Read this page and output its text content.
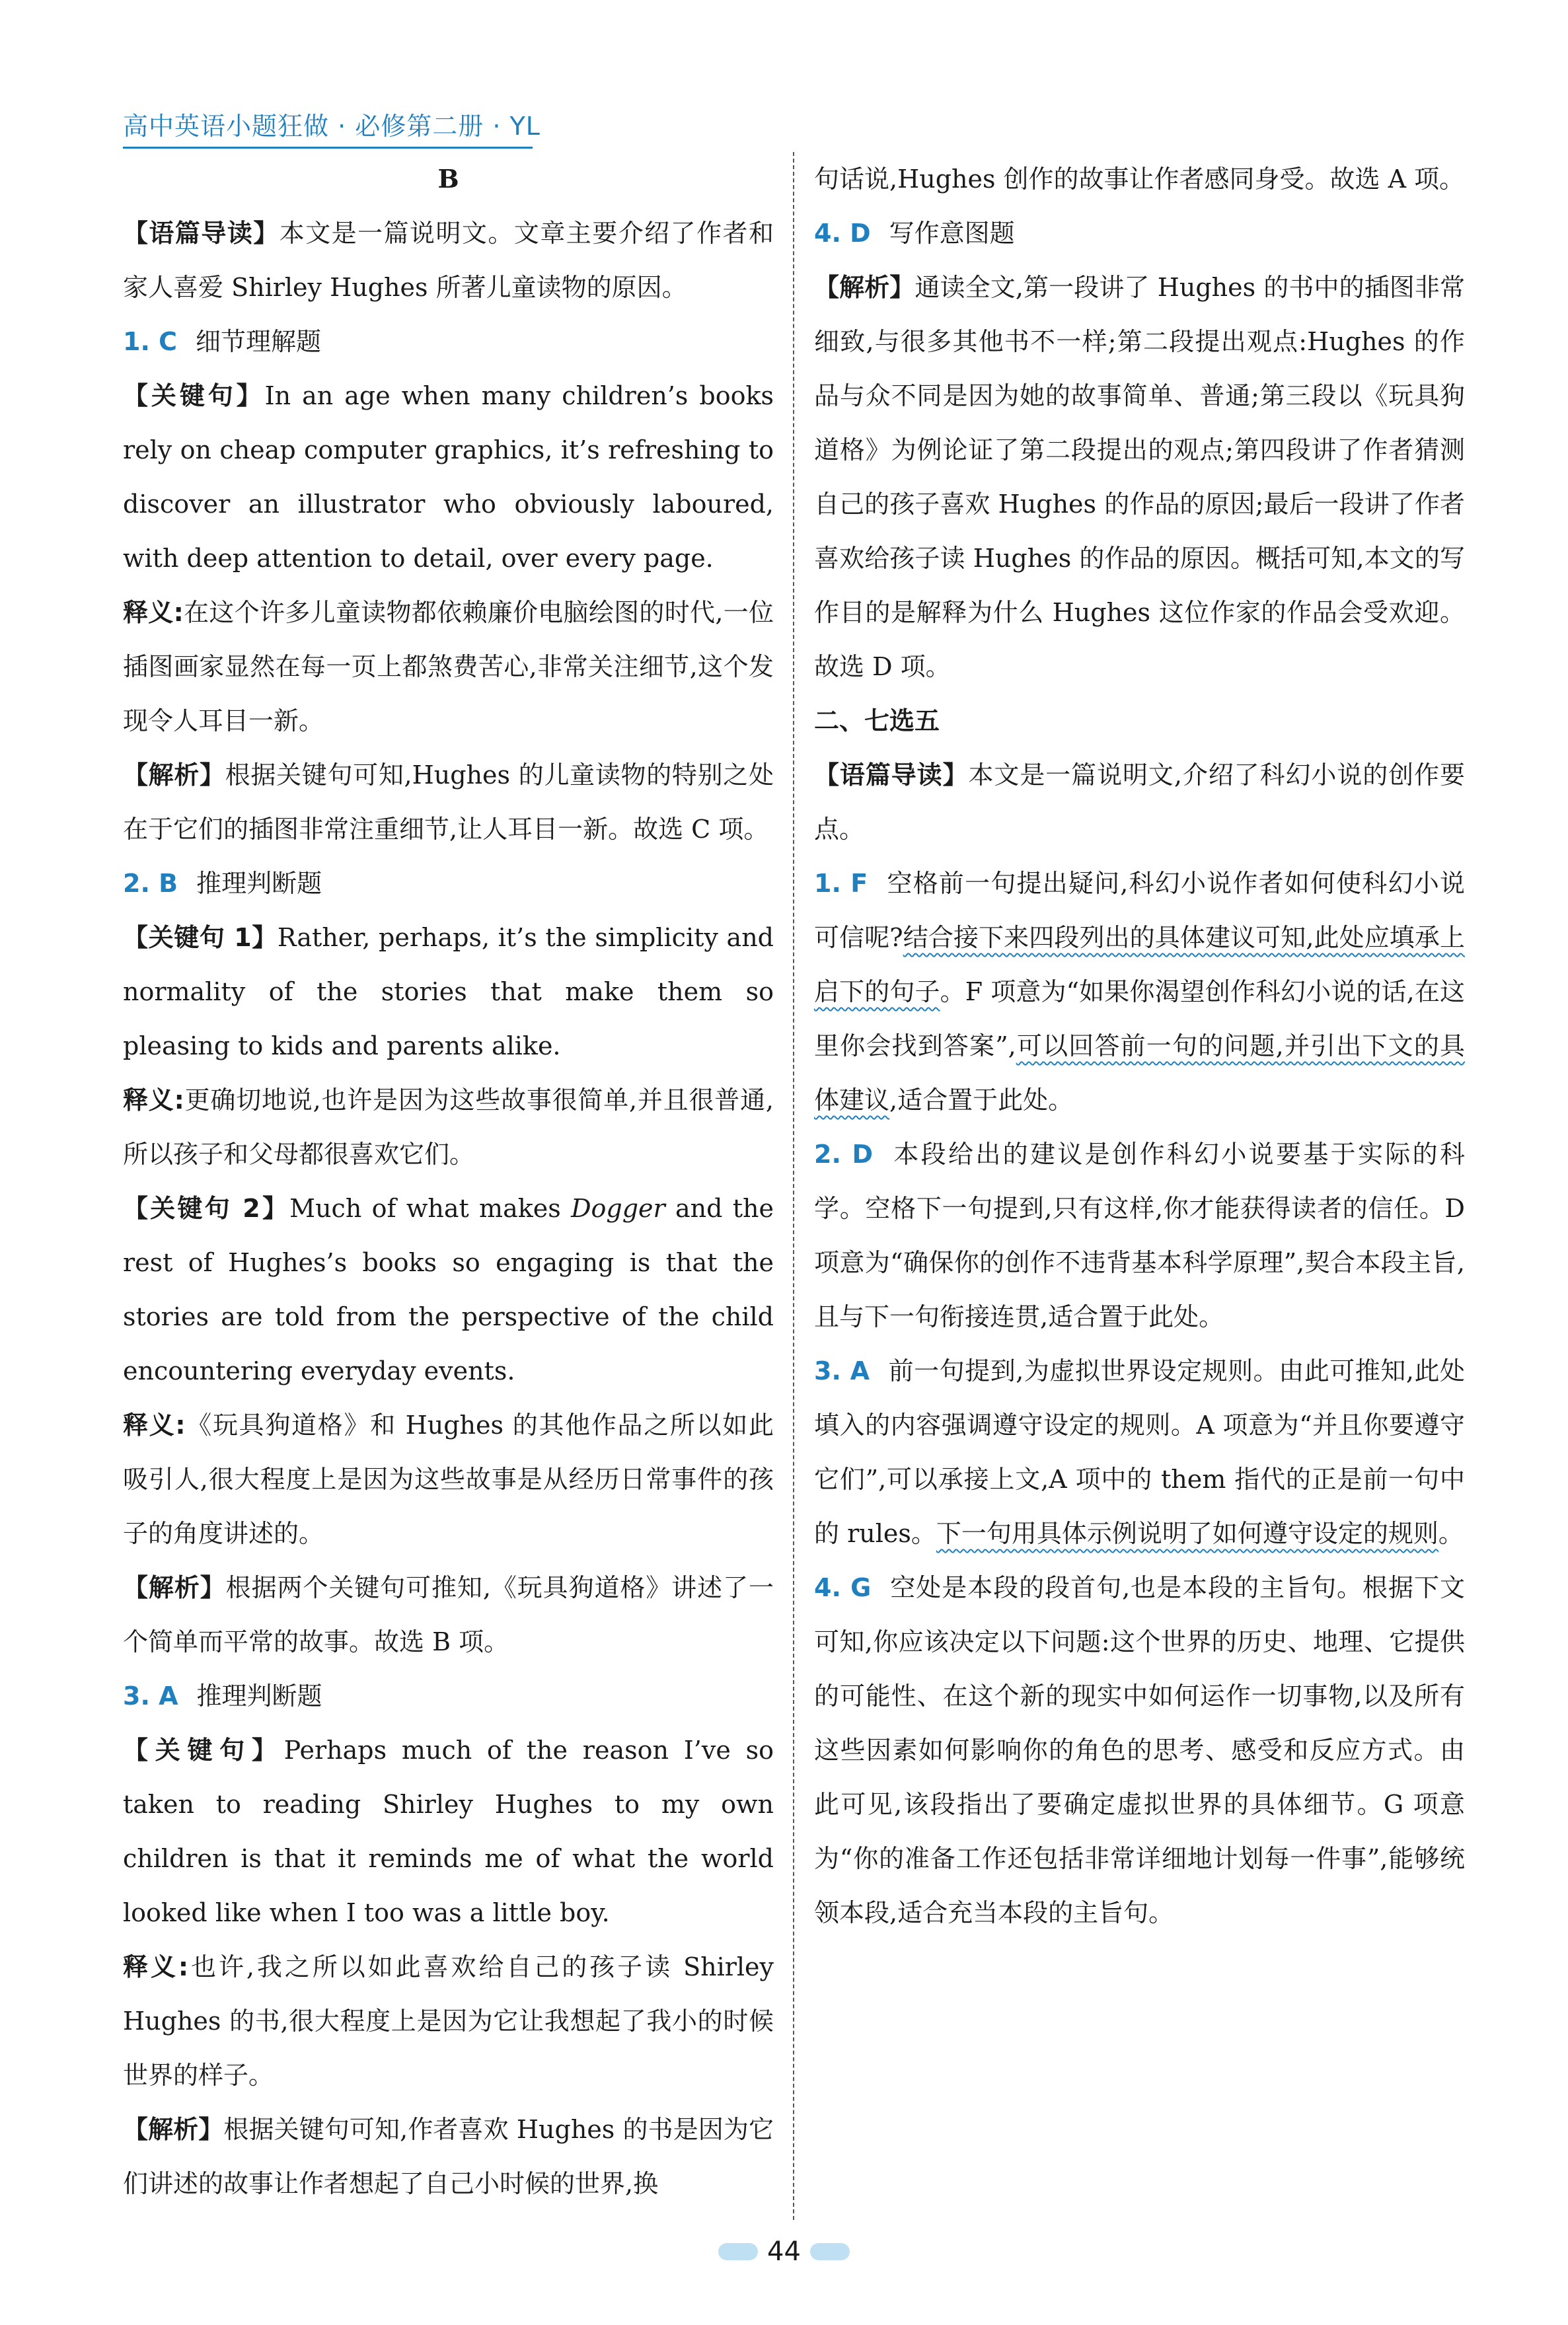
高中英语小题狂做 · 必修第二册 · YL

B

【语篇导读】本文是一篇说明文。文章主要介绍了作者和家人喜爱 Shirley Hughes 所著儿童读物的原因。

1. C 细节理解题

【关键句】In an age when many children’s books rely on cheap computer graphics, it’s refreshing to discover an illustrator who obviously laboured, with deep attention to detail, over every page.

释义:在这个许多儿童读物都依赖廉价电脑绘图的时代,一位插图画家显然在每一页上都煞费苦心,非常关注细节,这个发现令人耳目一新。

【解析】根据关键句可知,Hughes 的儿童读物的特别之处在于它们的插图非常注重细节,让人耳目一新。故选 C 项。

2. B 推理判断题

【关键句 1】Rather, perhaps, it’s the simplicity and normality of the stories that make them so pleasing to kids and parents alike.

释义:更确切地说,也许是因为这些故事很简单,并且很普通,所以孩子和父母都很喜欢它们。

【关键句 2】Much of what makes Dogger and the rest of Hughes’s books so engaging is that the stories are told from the perspective of the child encountering everyday events.

释义:《玩具狗道格》和 Hughes 的其他作品之所以如此吸引人,很大程度上是因为这些故事是从经历日常事件的孩子的角度讲述的。

【解析】根据两个关键句可推知,《玩具狗道格》讲述了一个简单而平常的故事。故选 B 项。

3. A 推理判断题

【关键句】Perhaps much of the reason I’ve so taken to reading Shirley Hughes to my own children is that it reminds me of what the world looked like when I too was a little boy.

释义:也许,我之所以如此喜欢给自己的孩子读 Shirley Hughes 的书,很大程度上是因为它让我想起了我小的时候世界的样子。

【解析】根据关键句可知,作者喜欢 Hughes 的书是因为它们讲述的故事让作者想起了自己小时候的世界,换

句话说,Hughes 创作的故事让作者感同身受。故选 A 项。

4. D 写作意图题

【解析】通读全文,第一段讲了 Hughes 的书中的插图非常细致,与很多其他书不一样;第二段提出观点:Hughes 的作品与众不同是因为她的故事简单、普通;第三段以《玩具狗道格》为例论证了第二段提出的观点;第四段讲了作者猜测自己的孩子喜欢 Hughes 的作品的原因;最后一段讲了作者喜欢给孩子读 Hughes 的作品的原因。概括可知,本文的写作目的是解释为什么 Hughes 这位作家的作品会受欢迎。故选 D 项。

二、七选五

【语篇导读】本文是一篇说明文,介绍了科幻小说的创作要点。

1. F 空格前一句提出疑问,科幻小说作者如何使科幻小说可信呢?结合接下来四段列出的具体建议可知,此处应填承上启下的句子。F 项意为“如果你渴望创作科幻小说的话,在这里你会找到答案”,可以回答前一句的问题,并引出下文的具体建议,适合置于此处。

2. D 本段给出的建议是创作科幻小说要基于实际的科学。空格下一句提到,只有这样,你才能获得读者的信任。D 项意为“确保你的创作不违背基本科学原理”,契合本段主旨,且与下一句衔接连贯,适合置于此处。

3. A 前一句提到,为虚拟世界设定规则。由此可推知,此处填入的内容强调遵守设定的规则。A 项意为“并且你要遵守它们”,可以承接上文,A 项中的 them 指代的正是前一句中的 rules。下一句用具体示例说明了如何遵守设定的规则。

4. G 空处是本段的段首句,也是本段的主旨句。根据下文可知,你应该决定以下问题:这个世界的历史、地理、它提供的可能性、在这个新的现实中如何运作一切事物,以及所有这些因素如何影响你的角色的思考、感受和反应方式。由此可见,该段指出了要确定虚拟世界的具体细节。G 项意为“你的准备工作还包括非常详细地计划每一件事”,能够统领本段,适合充当本段的主旨句。

44
